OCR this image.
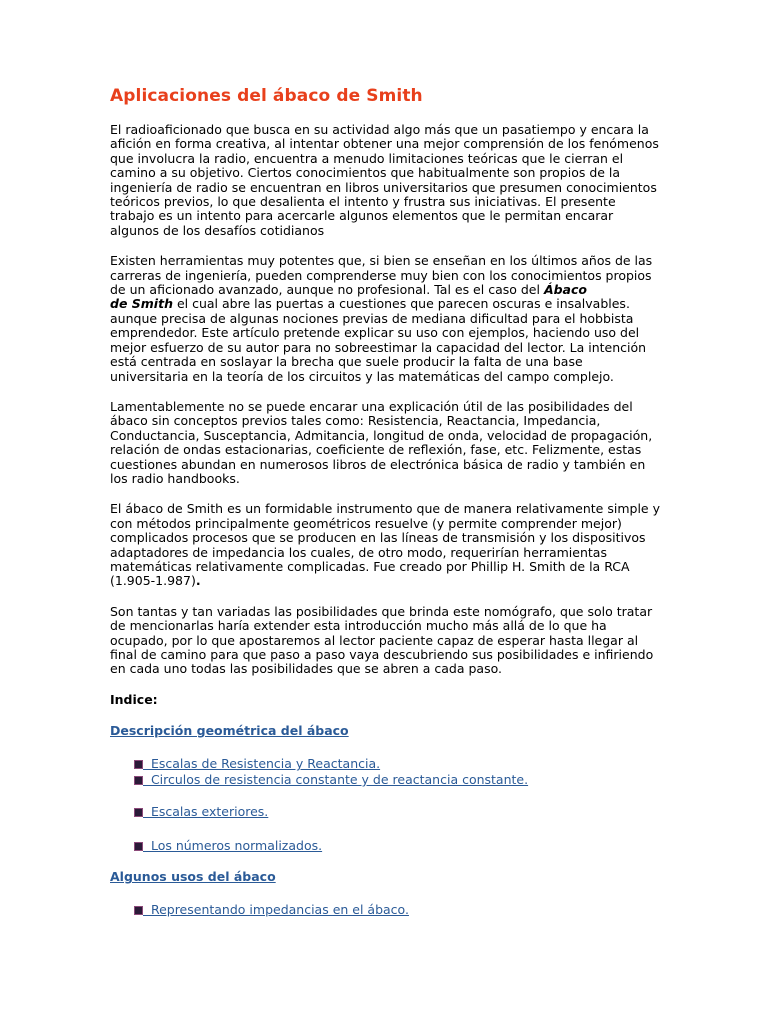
Aplicaciones del ábaco de Smith

El radioaficionado que busca en su actividad algo más que un pasatiempo y encara la afición en forma creativa, al intentar obtener una mejor comprensión de los fenómenos que involucra la radio, encuentra a menudo limitaciones teóricas que le cierran el camino a su objetivo. Ciertos conocimientos que habitualmente son propios de la ingeniería de radio se encuentran en libros universitarios que presumen conocimientos teóricos previos, lo que desalienta el intento y frustra sus iniciativas. El presente trabajo es un intento para acercarle algunos elementos que le permitan encarar algunos de los desafíos cotidianos

Existen herramientas muy potentes que, si bien se enseñan en los últimos años de las carreras de ingeniería, pueden comprenderse muy bien con los conocimientos propios de un aficionado avanzado, aunque no profesional. Tal es el caso del Ábaco
de Smith el cual abre las puertas a cuestiones que parecen oscuras e insalvables. aunque precisa de algunas nociones previas de mediana dificultad para el hobbista emprendedor. Este artículo pretende explicar su uso con ejemplos, haciendo uso del mejor esfuerzo de su autor para no sobreestimar la capacidad del lector. La intención está centrada en soslayar la brecha que suele producir la falta de una base universitaria en la teoría de los circuitos y las matemáticas del campo complejo.

Lamentablemente no se puede encarar una explicación útil de las posibilidades del ábaco sin conceptos previos tales como: Resistencia, Reactancia, Impedancia, Conductancia, Susceptancia, Admitancia, longitud de onda, velocidad de propagación, relación de ondas estacionarias, coeficiente de reflexión, fase, etc. Felizmente, estas cuestiones abundan en numerosos libros de electrónica básica de radio y también en los radio handbooks.

El ábaco de Smith es un formidable instrumento que de manera relativamente simple y con métodos principalmente geométricos resuelve (y permite comprender mejor) complicados procesos que se producen en las líneas de transmisión y los dispositivos adaptadores de impedancia los cuales, de otro modo, requerirían herramientas matemáticas relativamente complicadas. Fue creado por Phillip H. Smith de la RCA (1.905-1.987).

Son tantas y tan variadas las posibilidades que brinda este nomógrafo, que solo tratar de mencionarlas haría extender esta introducción mucho más allá de lo que ha ocupado, por lo que apostaremos al lector paciente capaz de esperar hasta llegar al final de camino para que paso a paso vaya descubriendo sus posibilidades e infiriendo en cada uno todas las posibilidades que se abren a cada paso.

Indice:
Descripción geométrica del ábaco
Escalas de Resistencia y Reactancia.
Circulos de resistencia constante y de reactancia constante.
Escalas exteriores.
Los números normalizados.
Algunos usos del ábaco
Representando impedancias en el ábaco.
